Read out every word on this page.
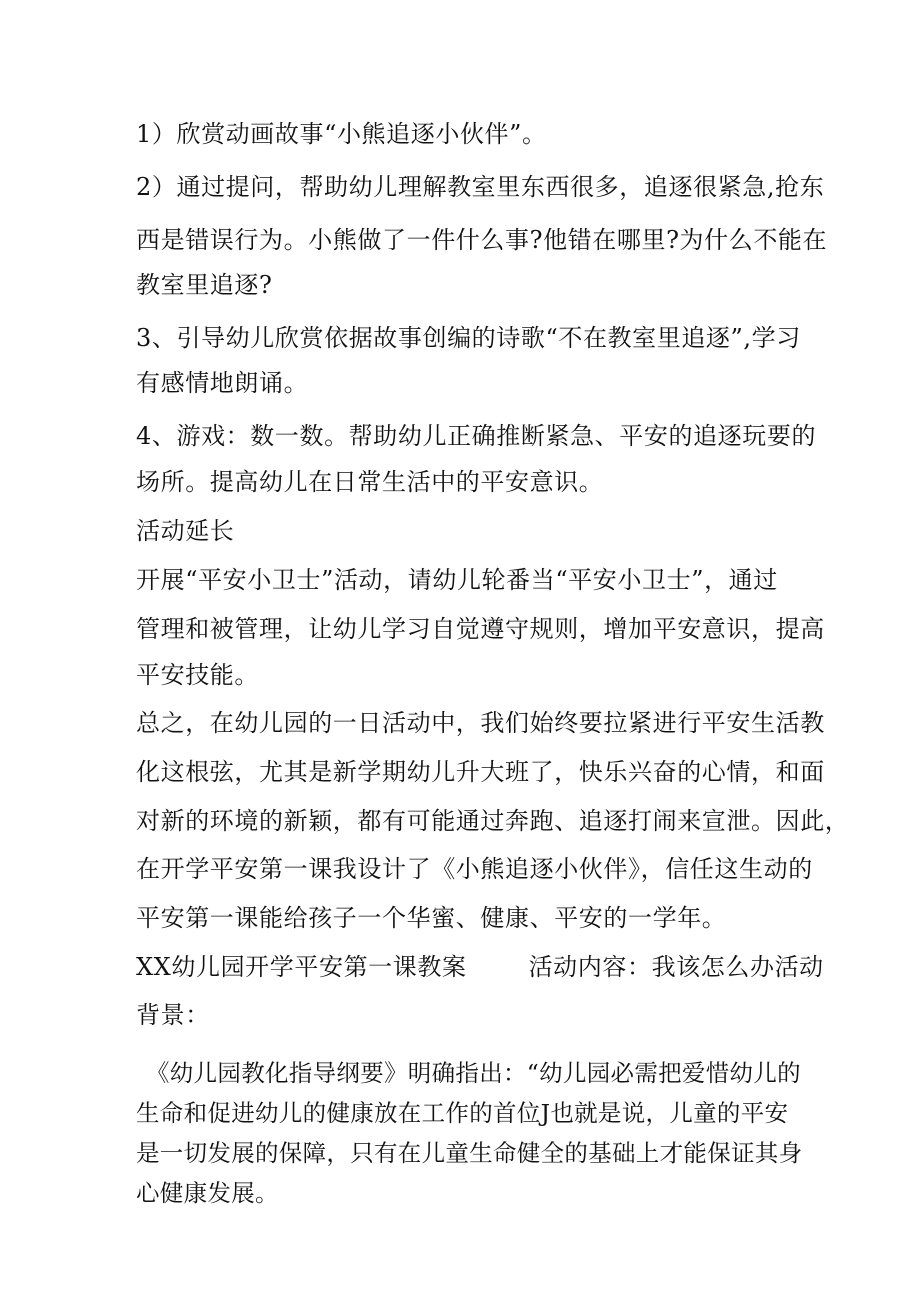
1）欣赏动画故事“小熊追逐小伙伴”。
2）通过提问，帮助幼儿理解教室里东西很多，追逐很紧急,抢东
西是错误行为。小熊做了一件什么事?他错在哪里?为什么不能在
教室里追逐?
3、引导幼儿欣赏依据故事创编的诗歌“不在教室里追逐”,学习
有感情地朗诵。
4、游戏：数一数。帮助幼儿正确推断紧急、平安的追逐玩要的
场所。提高幼儿在日常生活中的平安意识。
活动延长
开展“平安小卫士”活动，请幼儿轮番当“平安小卫士”，通过
管理和被管理，让幼儿学习自觉遵守规则，增加平安意识，提高
平安技能。
总之，在幼儿园的一日活动中，我们始终要拉紧进行平安生活教
化这根弦，尤其是新学期幼儿升大班了，快乐兴奋的心情，和面
对新的环境的新颖，都有可能通过奔跑、追逐打闹来宣泄。因此，
在开学平安第一课我设计了《小熊追逐小伙伴》，信任这生动的
平安第一课能给孩子一个华蜜、健康、平安的一学年。
XX幼儿园开学平安第一课教案	活动内容：我该怎么办活动
背景：
《幼儿园教化指导纲要》明确指出：“幼儿园必需把爱惜幼儿的
生命和促进幼儿的健康放在工作的首位J也就是说，儿童的平安
是一切发展的保障，只有在儿童生命健全的基础上才能保证其身
心健康发展。
